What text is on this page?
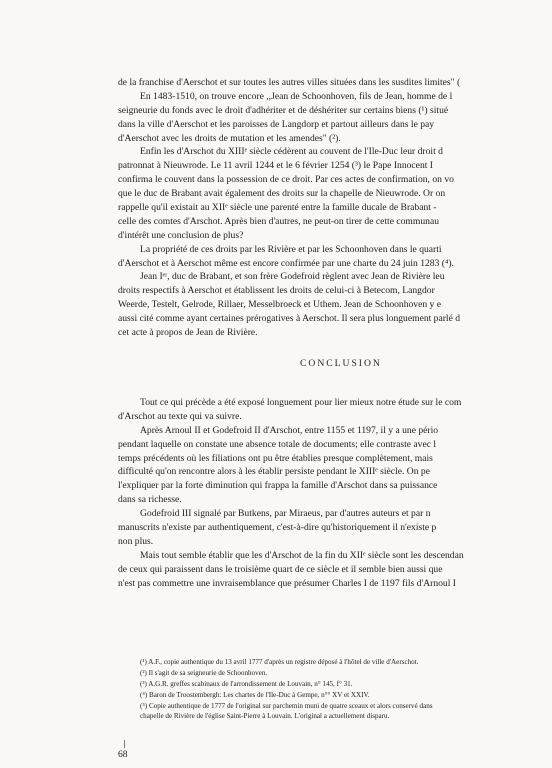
de la franchise d'Aerschot et sur toutes les autres villes situées dans les susdites limites" (
En 1483-1510, on trouve encore ,,Jean de Schoonhoven, fils de Jean, homme de l
seigneurie du fonds avec le droit d'adhériter et de déshériter sur certains biens (¹) situé
dans la ville d'Aerschot et les paroisses de Langdorp et partout ailleurs dans le pay
d'Aerschot avec les droits de mutation et les amendes" (²).
Enfin les d'Arschot du XIIIᵉ siècle cédèrent au couvent de l'Ile-Duc leur droit d
patronnat à Nieuwrode. Le 11 avril 1244 et le 6 février 1254 (³) le Pape Innocent I
confirma le couvent dans la possession de ce droit. Par ces actes de confirmation, on vo
que le duc de Brabant avait également des droits sur la chapelle de Nieuwrode. Or on
rappelle qu'il existait au XIIᵉ siècle une parenté entre la famille ducale de Brabant -
celle des comtes d'Arschot. Après bien d'autres, ne peut-on tirer de cette communau
d'intérêt une conclusion de plus?
La propriété de ces droits par les Rivière et par les Schoonhoven dans le quarti
d'Aerschot et à Aerschot même est encore confirmée par une charte du 24 juin 1283 (⁴).
Jean Iᵉʳ, duc de Brabant, et son frère Godefroid règlent avec Jean de Rivière leu
droits respectifs à Aerschot et établissent les droits de celui-ci à Betecom, Langdor
Weerde, Testelt, Gelrode, Rillaer, Messelbroeck et Uthem. Jean de Schoonhoven y e
aussi cité comme ayant certaines prérogatives à Aerschot. Il sera plus longuement parlé d
cet acte à propos de Jean de Rivière.
CONCLUSION
Tout ce qui précède a été exposé longuement pour lier mieux notre étude sur le com
d'Arschot au texte qui va suivre.
Après Arnoul II et Godefroid II d'Arschot, entre 1155 et 1197, il y a une pério
pendant laquelle on constate une absence totale de documents; elle contraste avec l
temps précédents où les filiations ont pu être établies presque complètement, mais
difficulté qu'on rencontre alors à les établir persiste pendant le XIIIᵉ siècle. On pe
l'expliquer par la forte diminution qui frappa la famille d'Arschot dans sa puissance
dans sa richesse.
Godefroid III signalé par Butkens, par Miraeus, par d'autres auteurs et par n
manuscrits n'existe par authentiquement, c'est-à-dire qu'historiquement il n'existe p
non plus.
Mais tout semble établir que les d'Arschot de la fin du XIIᵉ siècle sont les descendan
de ceux qui paraissent dans le troisième quart de ce siècle et il semble bien aussi que
n'est pas commettre une invraisemblance que présumer Charles I de 1197 fils d'Arnoul I
(¹) A.F., copie authentique du 13 avril 1777 d'après un registre déposé à l'hôtel de ville d'Aerschot.
(²) Il s'agit de sa seigneurie de Schoonhoven.
(³) A.G.R. greffes scabinaux de l'arrondissement de Louvain, n° 145, f° 31.
(⁴) Baron de Troostembergh: Les chartes de l'Ile-Duc à Gempe, n°° XV et XXIV.
(⁵) Copie authentique de 1777 de l'original sur parchemin muni de quatre sceaux et alors conservé dans
chapelle de Rivière de l'église Saint-Pierre à Louvain. L'original a actuellement disparu.
68
